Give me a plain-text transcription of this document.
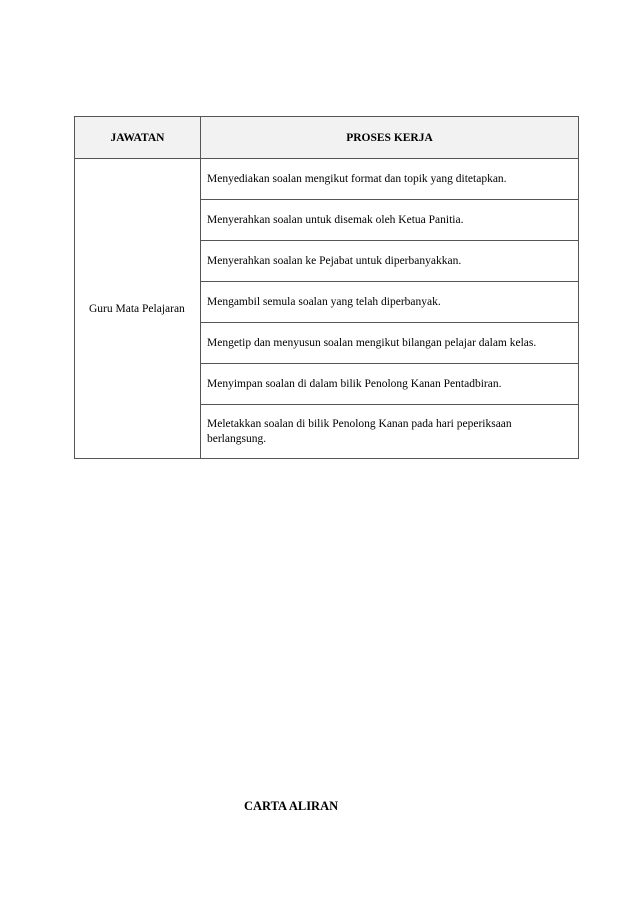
JAWATAN	PROSES KERJA
Guru Mata Pelajaran	Menyediakan soalan mengikut format dan topik yang ditetapkan.
	Menyerahkan soalan untuk disemak oleh Ketua Panitia.
	Menyerahkan soalan ke Pejabat untuk diperbanyakkan.
	Mengambil semula soalan yang telah diperbanyak.
	Mengetip dan menyusun soalan mengikut bilangan pelajar dalam kelas.
	Menyimpan soalan di dalam bilik Penolong Kanan Pentadbiran.
	Meletakkan soalan di bilik Penolong Kanan pada hari peperiksaan berlangsung.
CARTA ALIRAN
